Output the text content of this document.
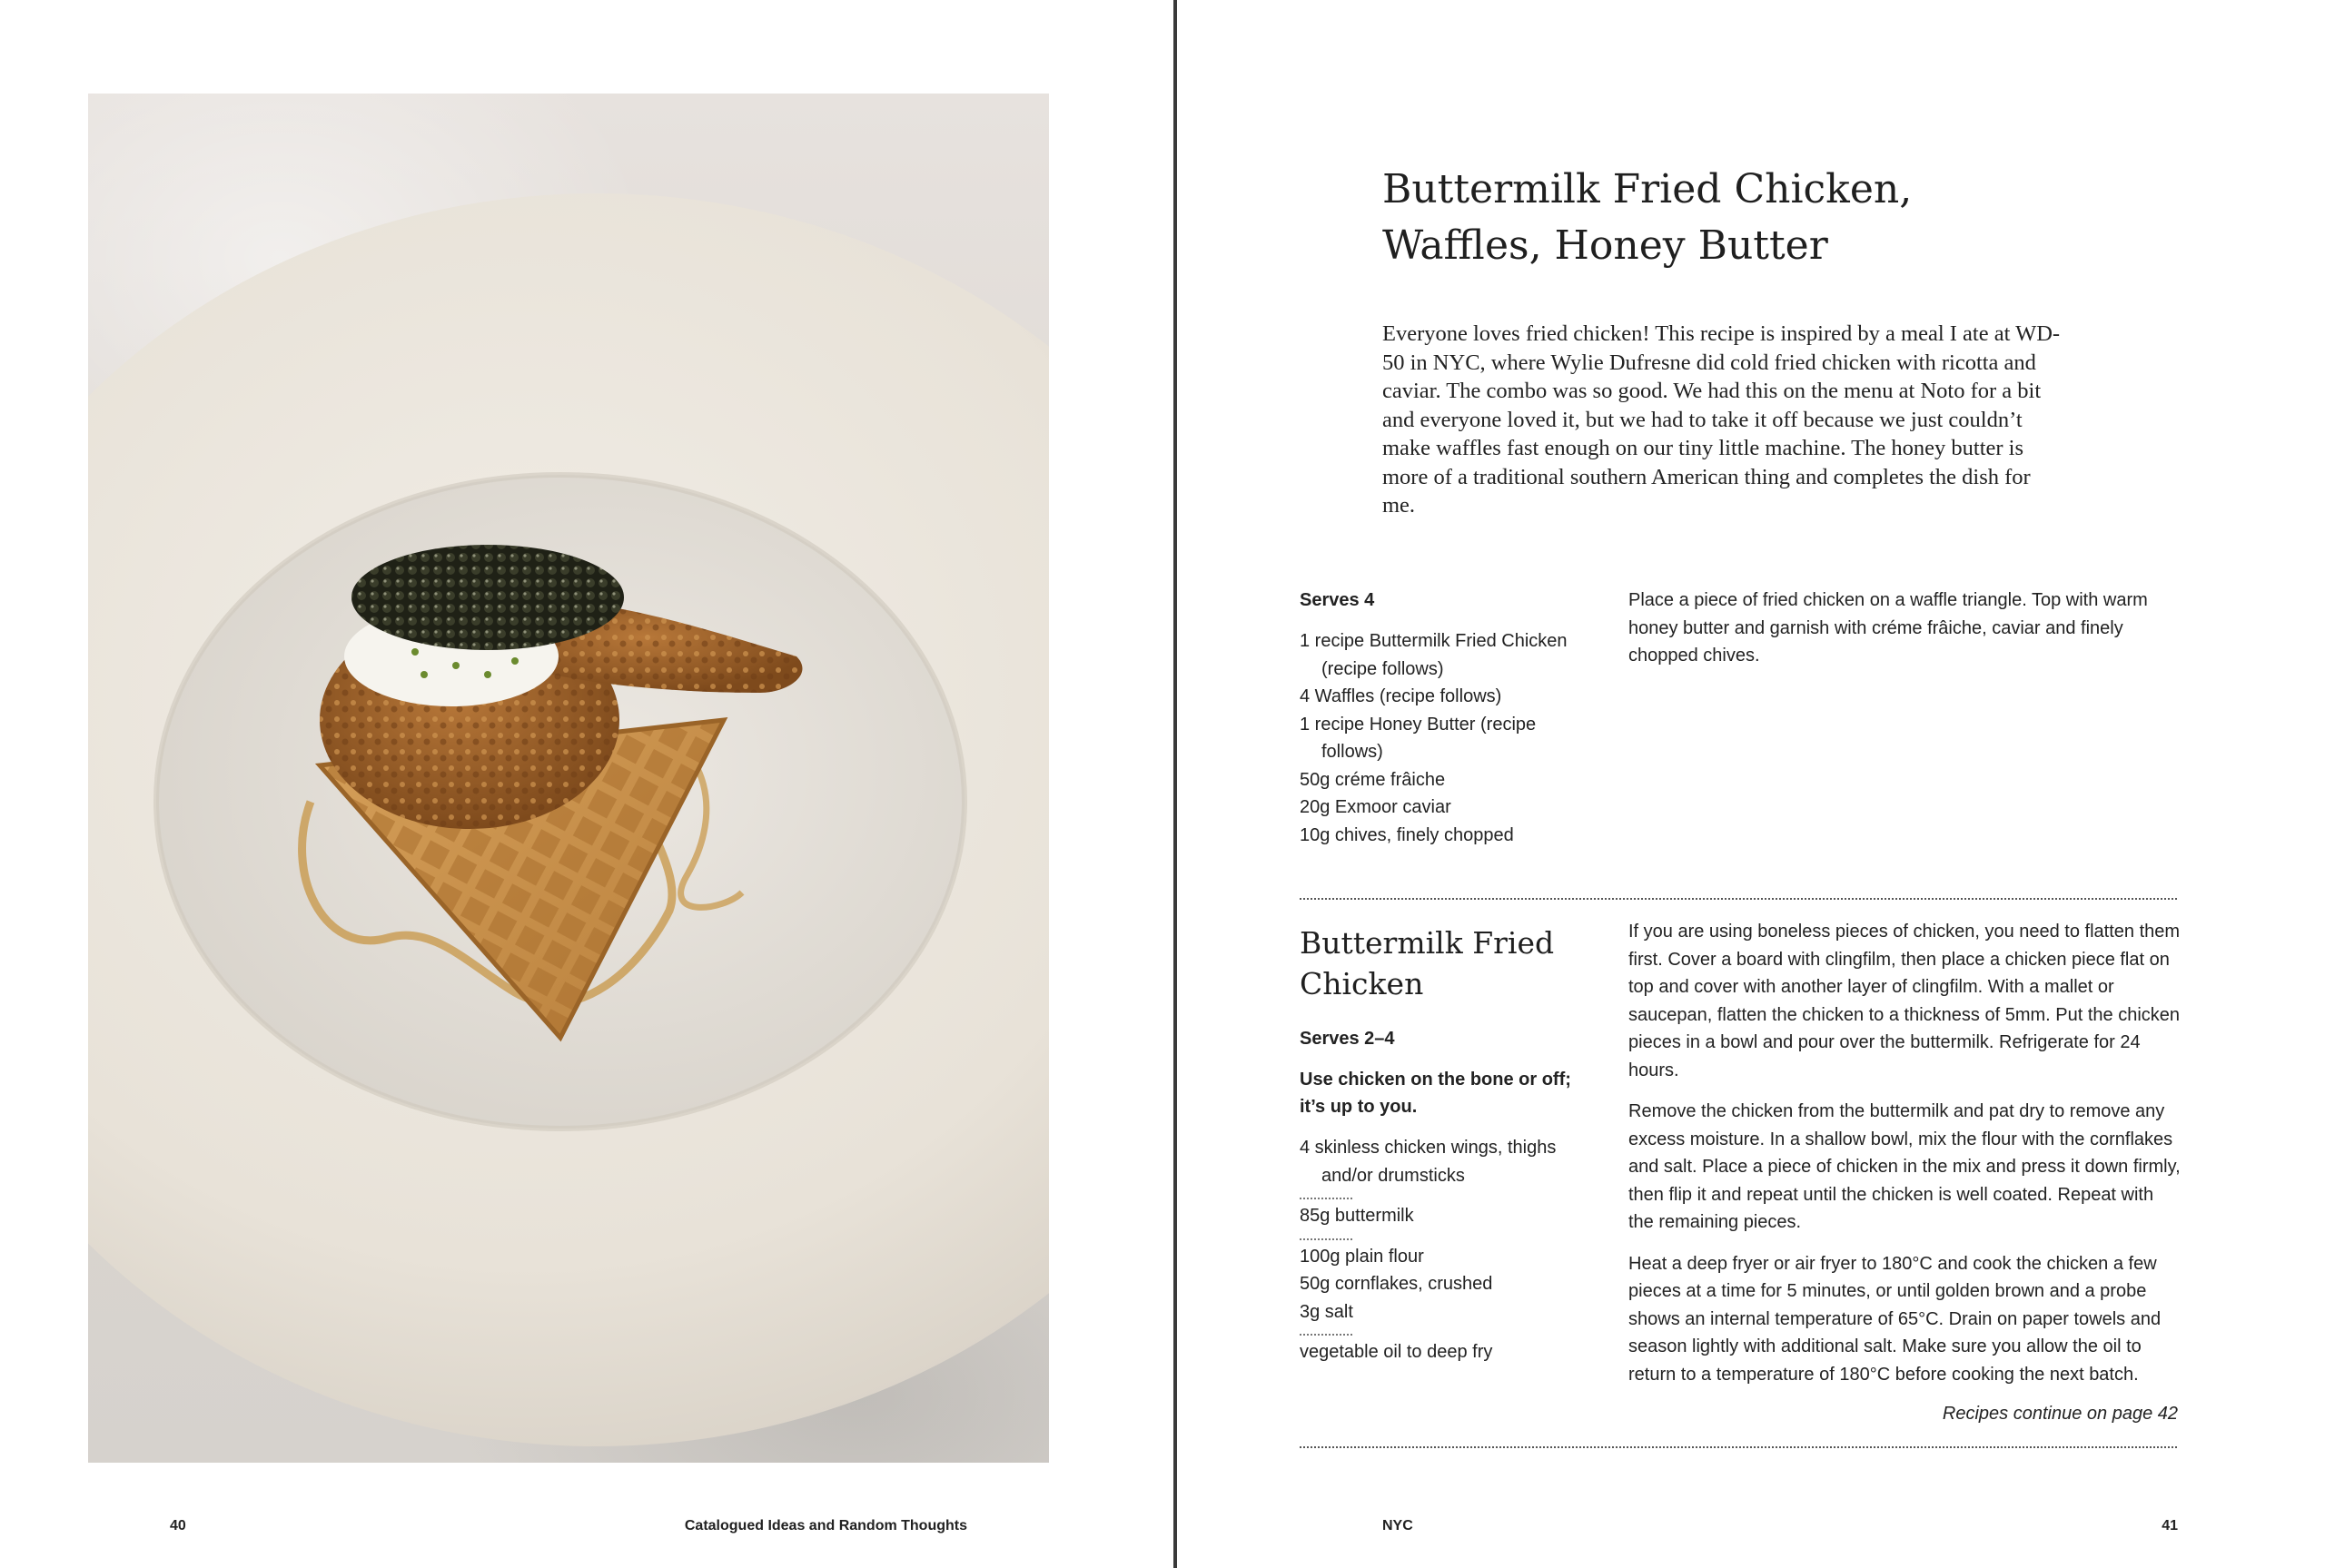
40	Catalogued Ideas and Random Thoughts
Buttermilk Fried Chicken,
Waffles, Honey Butter

Everyone loves fried chicken! This recipe is inspired by a meal I ate at WD-50 in NYC, where Wylie Dufresne did cold fried chicken with ricotta and caviar. The combo was so good. We had this on the menu at Noto for a bit and everyone loved it, but we had to take it off because we just couldn’t make waffles fast enough on our tiny little machine. The honey butter is more of a traditional southern American thing and completes the dish for me.

Serves 4

1 recipe Buttermilk Fried Chicken (recipe follows)
4 Waffles (recipe follows)
1 recipe Honey Butter (recipe follows)
50g créme frâiche
20g Exmoor caviar
10g chives, finely chopped

Place a piece of fried chicken on a waffle triangle. Top with warm honey butter and garnish with créme frâiche, caviar and finely chopped chives.

Buttermilk Fried
Chicken

Serves 2–4

Use chicken on the bone or off; it’s up to you.

4 skinless chicken wings, thighs and/or drumsticks
85g buttermilk
100g plain flour
50g cornflakes, crushed
3g salt
vegetable oil to deep fry

If you are using boneless pieces of chicken, you need to flatten them first. Cover a board with clingfilm, then place a chicken piece flat on top and cover with another layer of clingfilm. With a mallet or saucepan, flatten the chicken to a thickness of 5mm. Put the chicken pieces in a bowl and pour over the buttermilk. Refrigerate for 24 hours.

Remove the chicken from the buttermilk and pat dry to remove any excess moisture. In a shallow bowl, mix the flour with the cornflakes and salt. Place a piece of chicken in the mix and press it down firmly, then flip it and repeat until the chicken is well coated. Repeat with the remaining pieces.

Heat a deep fryer or air fryer to 180°C and cook the chicken a few pieces at a time for 5 minutes, or until golden brown and a probe shows an internal temperature of 65°C. Drain on paper towels and season lightly with additional salt. Make sure you allow the oil to return to a temperature of 180°C before cooking the next batch.

Recipes continue on page 42
NYC	41
